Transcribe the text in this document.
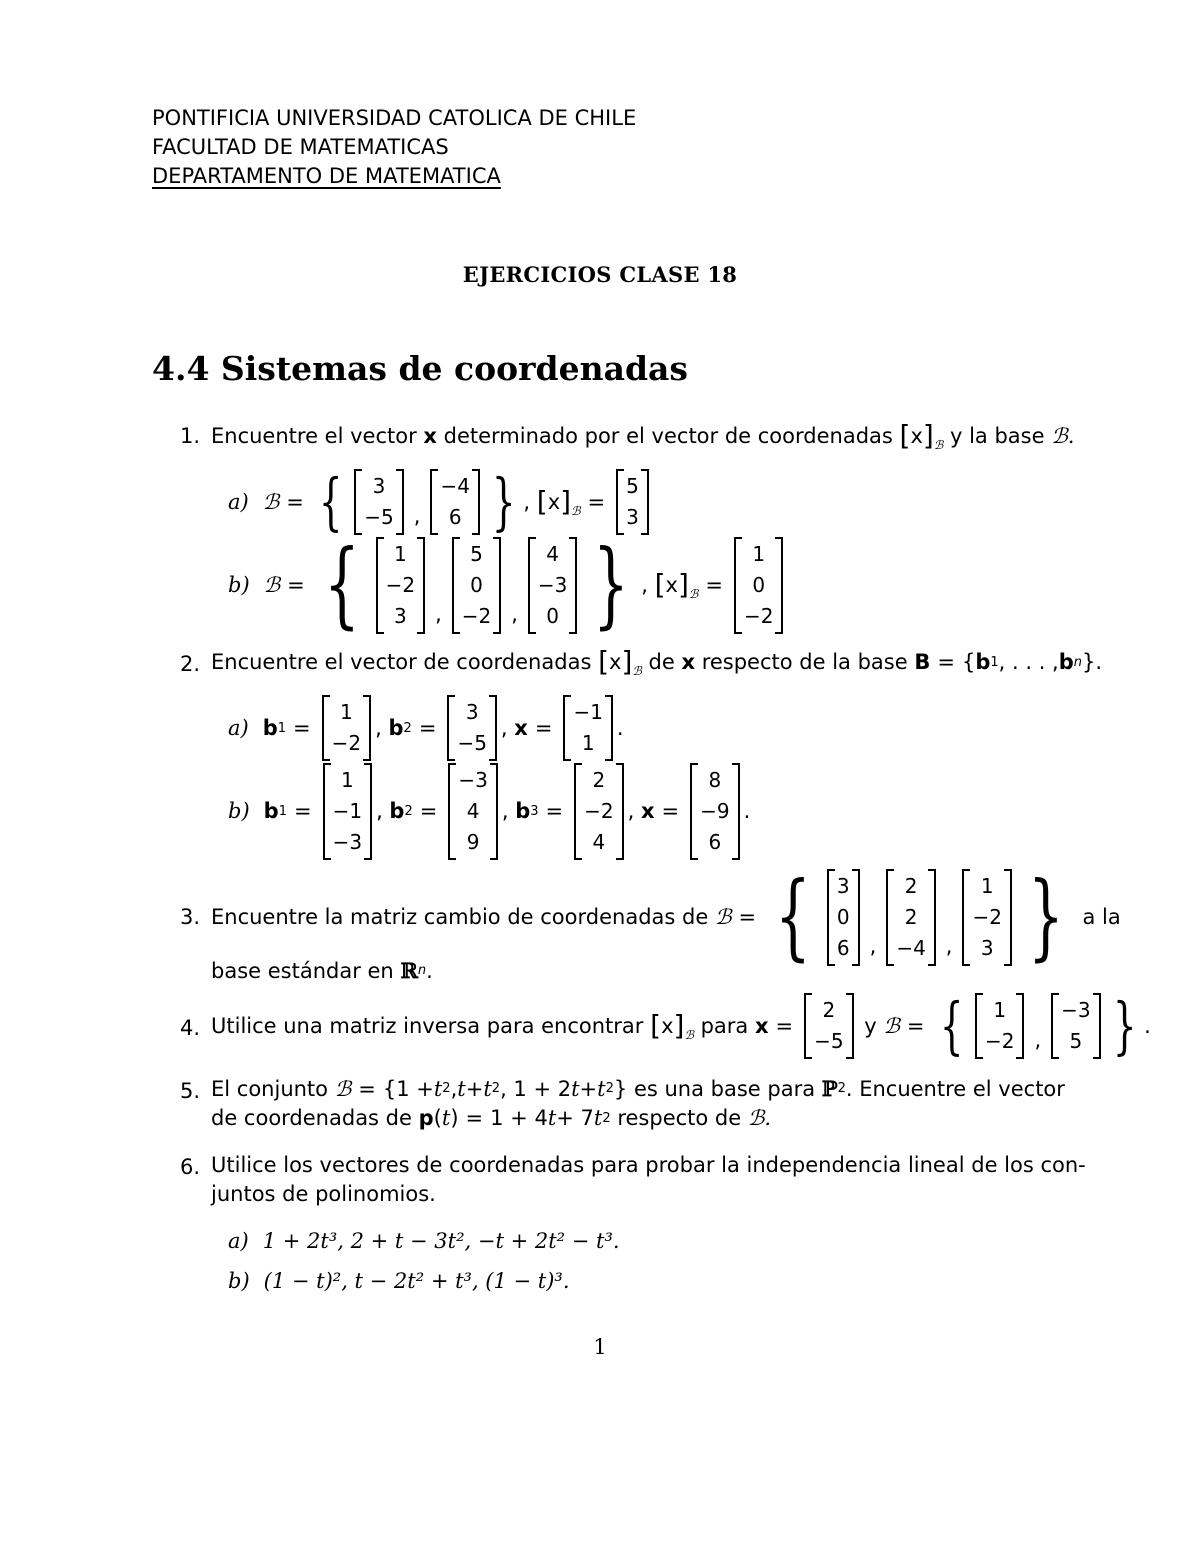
PONTIFICIA UNIVERSIDAD CATOLICA DE CHILE
FACULTAD DE MATEMATICAS
DEPARTAMENTO DE MATEMATICA
EJERCICIOS CLASE 18
4.4 Sistemas de coordenadas
1. Encuentre el vector
x
determinado por el vector de coordenadas
[ x ] ℬ
y la base
ℬ.
a) ℬ = { 3
−5 ,
−4
6 } , [ x ] ℬ =
5
3
b) ℬ = { 1
−2
3 ,
5
0
−2 ,
4
−3
0 } , [ x ] ℬ =
1
0
−2
2. Encuentre el vector de coordenadas
[ x ] ℬ
de
x
respecto de la base
B = { b 1 , . . . , b n }.
a) b 1 =
1
−2
, b 2 =
3
−5
, x =
−1
1
.
b) b 1 =
1
−1
−3
, b 2 =
−3
4
9
, b 3 =
2
−2
4
, x =
8
−9
6
.
3. Encuentre la matriz cambio de coordenadas de
ℬ = { 3
0
6 ,
2
2
−4 ,
1
−2
3 }
a la
base estándar en
ℝ n .
4. Utilice una matriz inversa para encontrar
[ x ] ℬ
para
x =
2
−5

y
ℬ = { 1
−2 ,
−3
5 } .
5. El conjunto
ℬ = {1 + t 2 , t + t 2 , 1 + 2 t + t 2 } es una base para
ℙ 2 . Encuentre el vector
de coordenadas de
p ( t ) = 1 + 4 t + 7 t 2
respecto de
ℬ.
6. Utilice los vectores de coordenadas para probar la independencia lineal de los con-
juntos de polinomios.
a) 1 + 2t³, 2 + t − 3t², −t + 2t² − t³.
b) (1 − t)², t − 2t² + t³, (1 − t)³.
1
